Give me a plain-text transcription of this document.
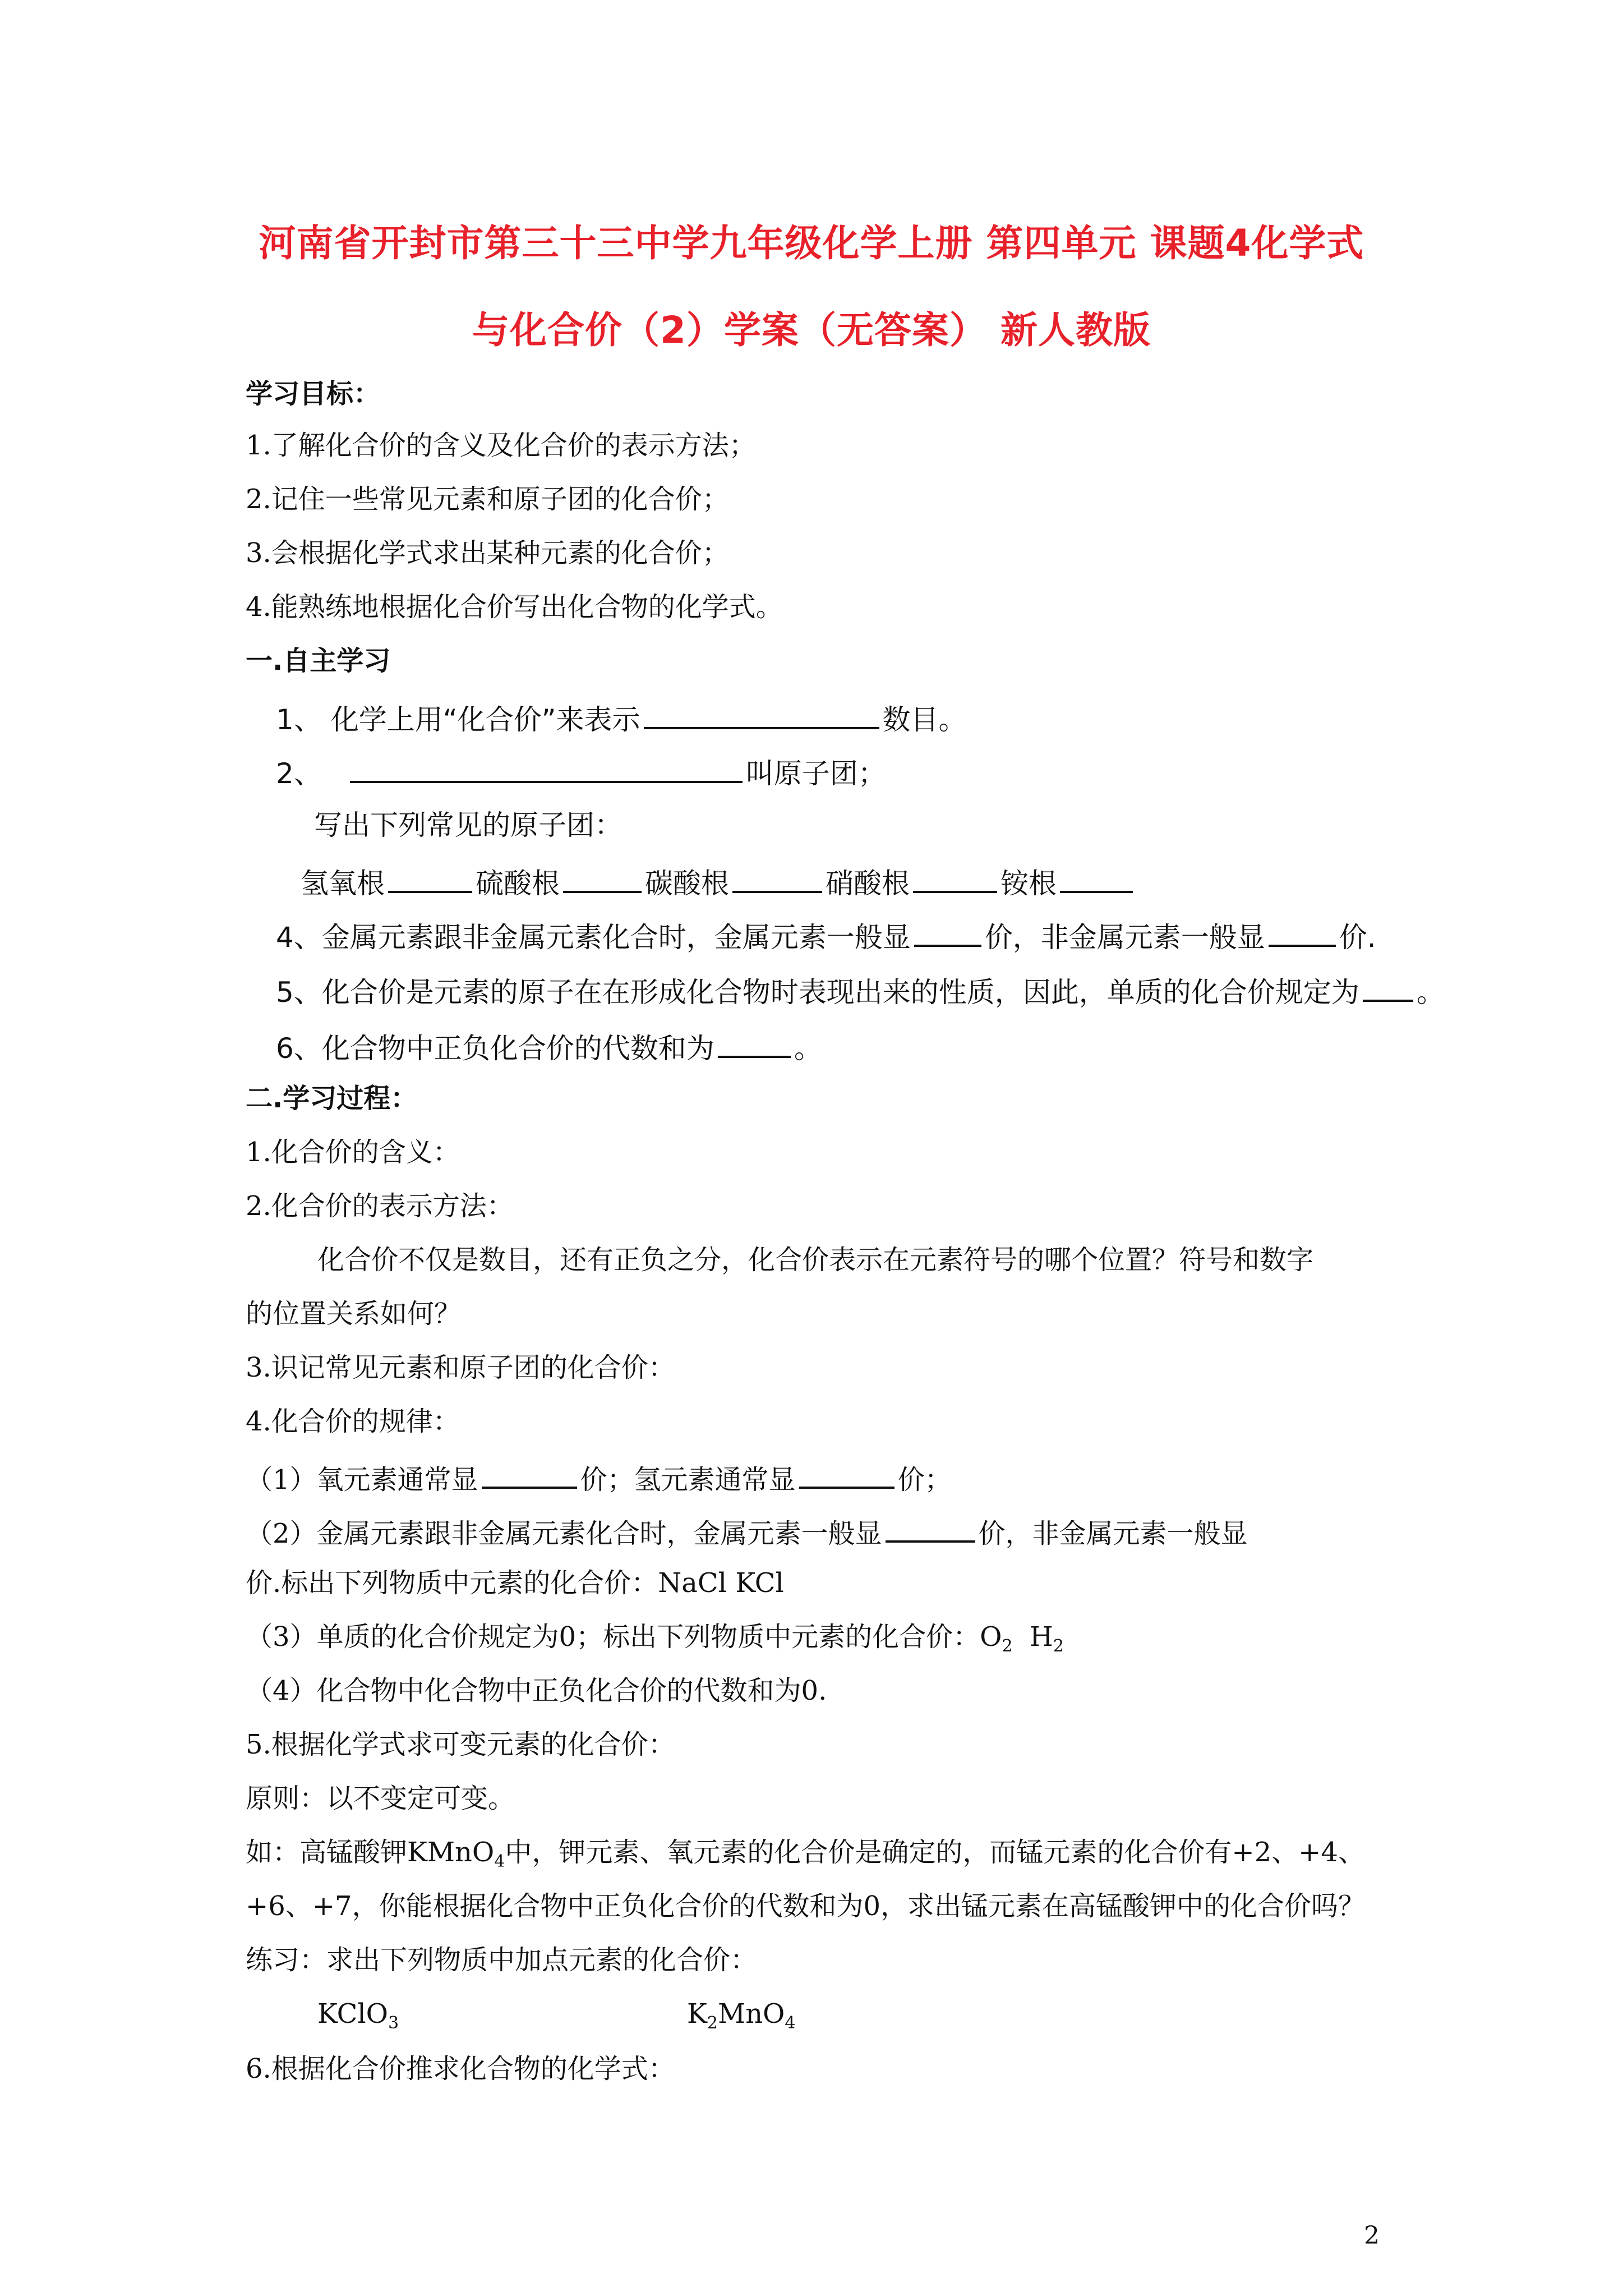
河南省开封市第三十三中学九年级化学上册 第四单元 课题4化学式
与化合价（2）学案（无答案） 新人教版
学习目标：
1.了解化合价的含义及化合价的表示方法；
2.记住一些常见元素和原子团的化合价；
3.会根据化学式求出某种元素的化合价；
4.能熟练地根据化合价写出化合物的化学式。
一.自主学习
1、 化学上用“化合价”来表示	数目。
2、	叫原子团；
写出下列常见的原子团：
氢氧根	硫酸根	碳酸根	硝酸根	铵根
4、金属元素跟非金属元素化合时，金属元素一般显	价，非金属元素一般显	价.
5、化合价是元素的原子在在形成化合物时表现出来的性质，因此，单质的化合价规定为 。
6、化合物中正负化合价的代数和为	。
二.学习过程：
1.化合价的含义：
2.化合价的表示方法：
化合价不仅是数目，还有正负之分，化合价表示在元素符号的哪个位置？符号和数字
的位置关系如何？
3.识记常见元素和原子团的化合价：
4.化合价的规律：
（1）氧元素通常显	价；氢元素通常显	价；
（2）金属元素跟非金属元素化合时，金属元素一般显	价，非金属元素一般显
价.标出下列物质中元素的化合价：NaCl KCl
（3）单质的化合价规定为0；标出下列物质中元素的化合价：$O_2$  $H_2$
（4）化合物中化合物中正负化合价的代数和为0.
5.根据化学式求可变元素的化合价：
原则：以不变定可变。
如：高锰酸钾KMnO$_4$中，钾元素、氧元素的化合价是确定的，而锰元素的化合价有+2、+4、
+6、+7，你能根据化合物中正负化合价的代数和为0，求出锰元素在高锰酸钾中的化合价吗？
练习：求出下列物质中加点元素的化合价：
KClO$_3$	$K_2MnO_4$
6.根据化合价推求化合物的化学式：
2
